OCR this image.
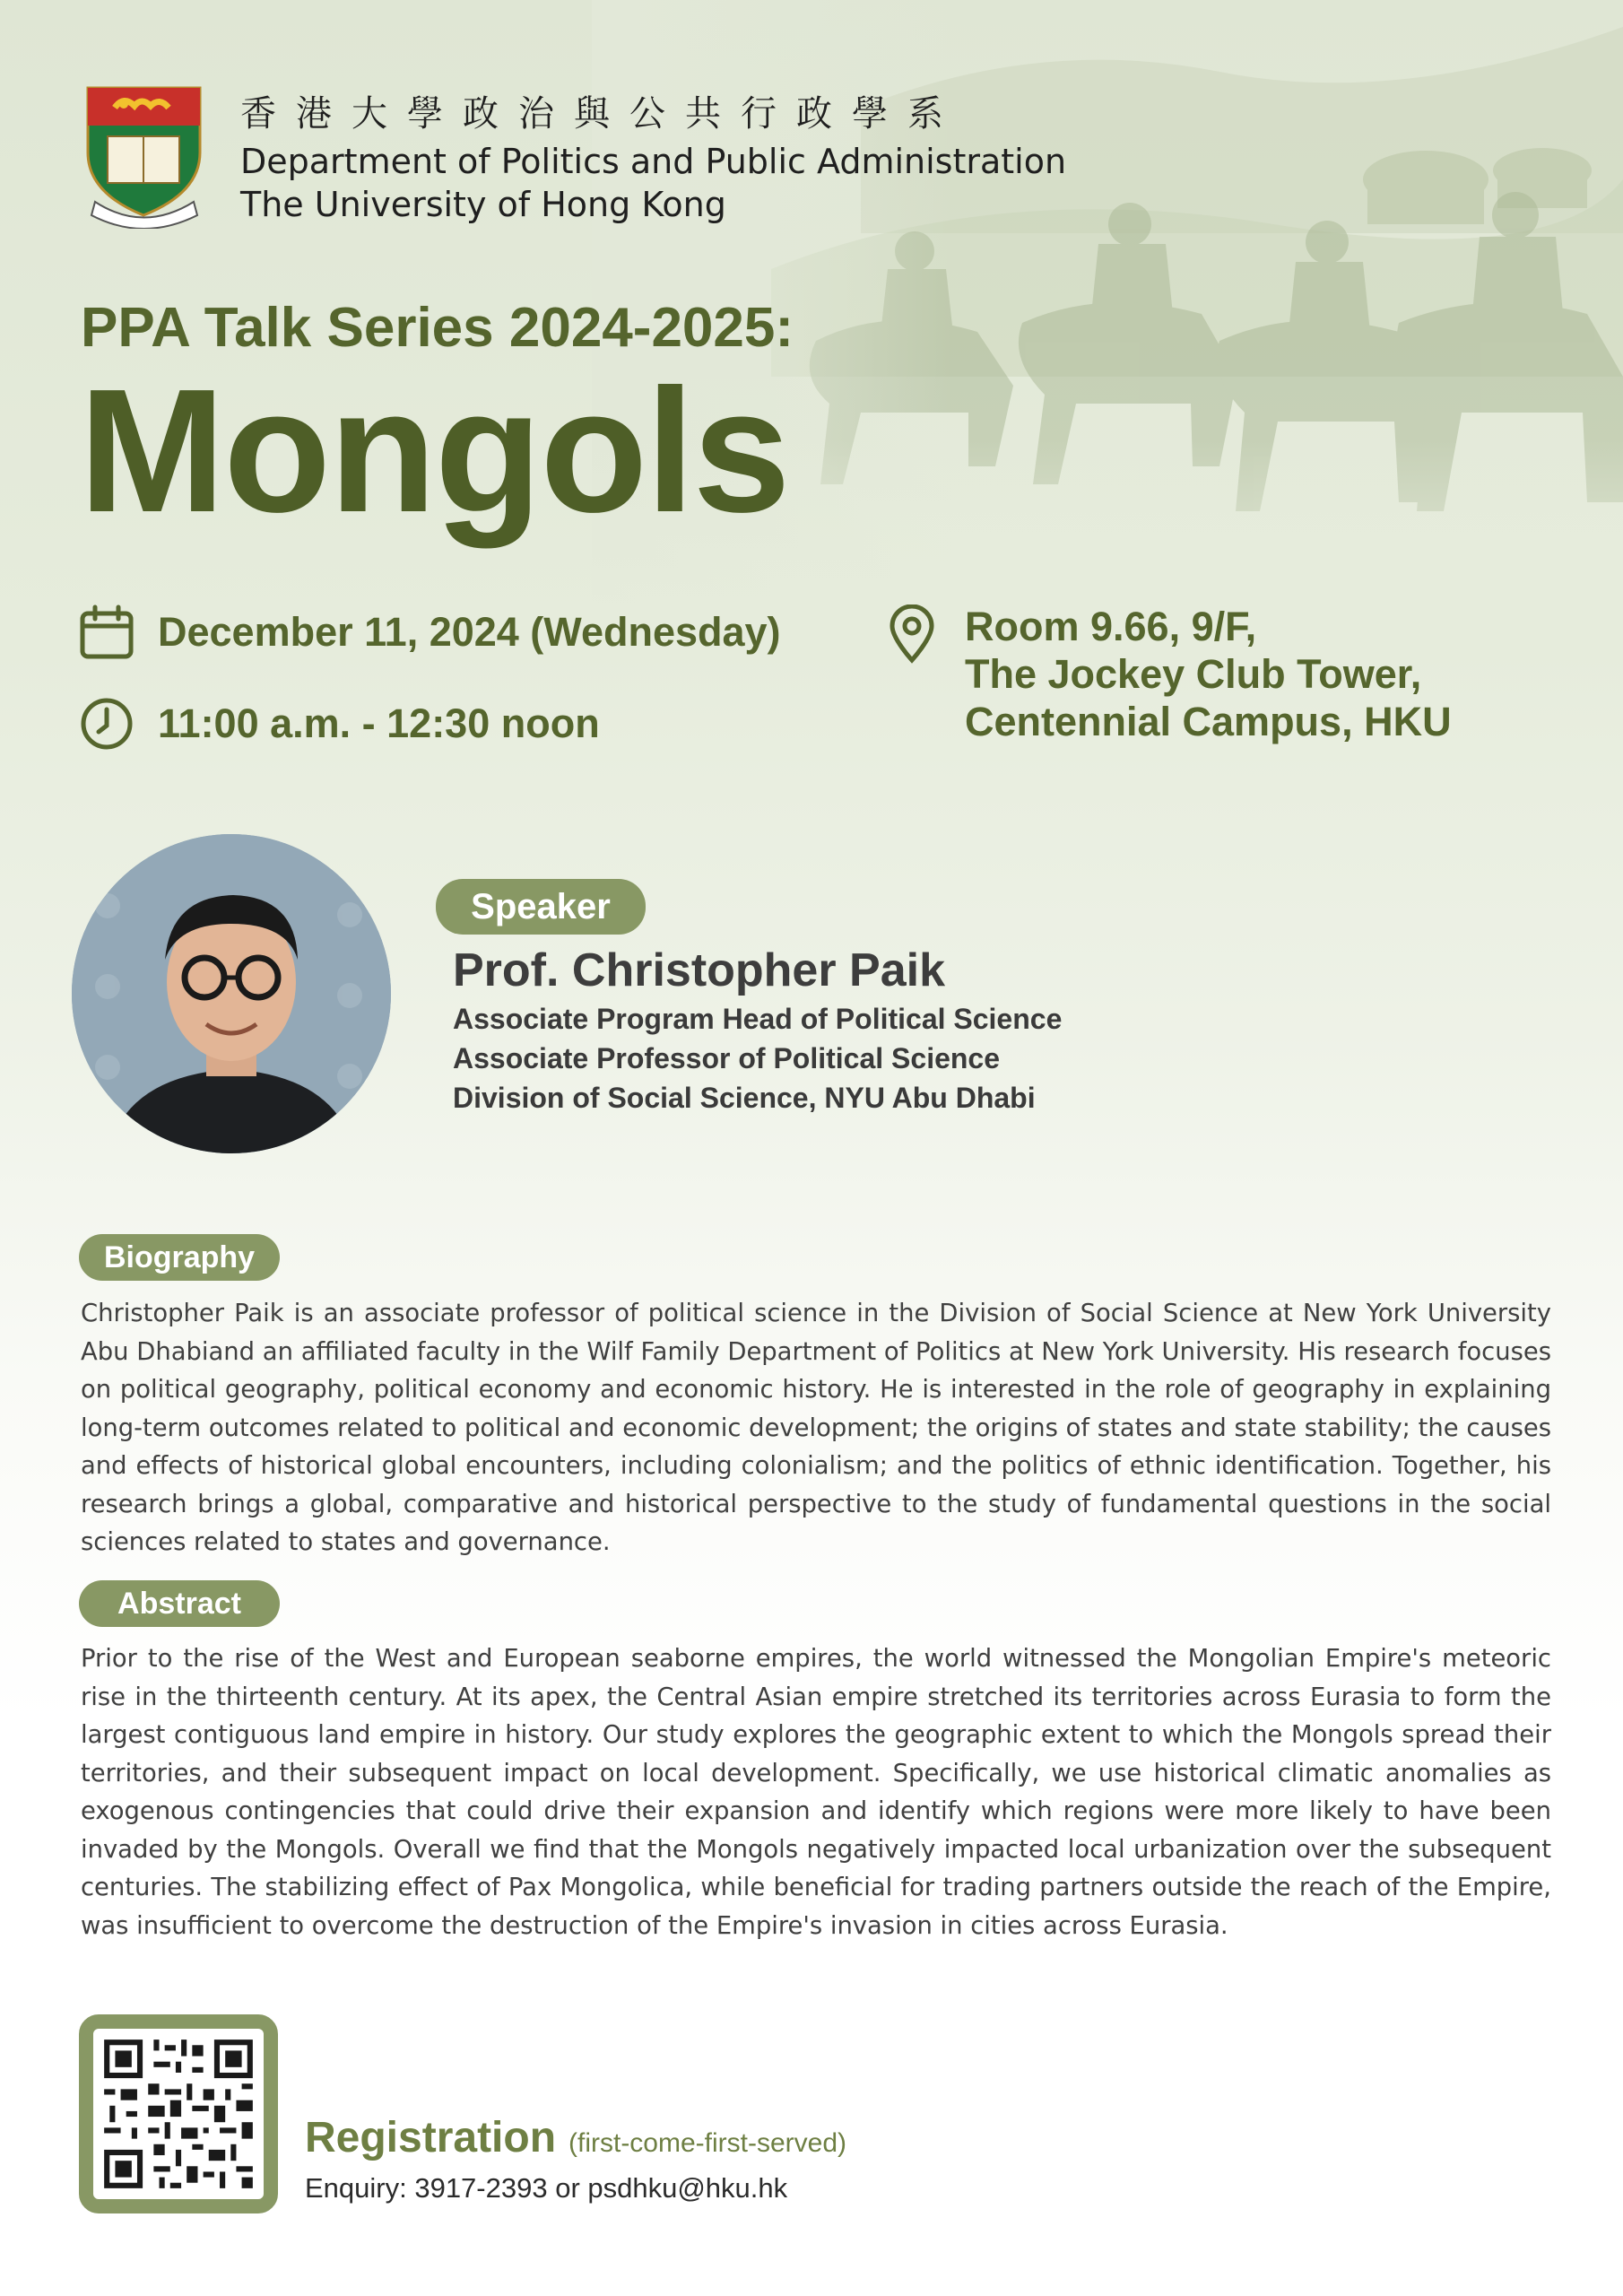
香港大學政治與公共行政學系
Department of Politics and Public Administration
The University of Hong Kong
PPA Talk Series 2024-2025:
Mongols
December 11, 2024 (Wednesday)
11:00 a.m. - 12:30 noon
Room 9.66, 9/F,
The Jockey Club Tower,
Centennial Campus, HKU
Speaker
Prof. Christopher Paik
Associate Program Head of Political Science
Associate Professor of Political Science
Division of Social Science, NYU Abu Dhabi
Biography
Christopher Paik is an associate professor of political science in the Division of Social Science at New York University Abu Dhabiand an affiliated faculty in the Wilf Family Department of Politics at New York University. His research focuses on political geography, political economy and economic history. He is interested in the role of geography in explaining long-term outcomes related to political and economic development; the origins of states and state stability; the causes and effects of historical global encounters, including colonialism; and the politics of ethnic identification. Together, his research brings a global, comparative and historical perspective to the study of fundamental questions in the social sciences related to states and governance.
Abstract
Prior to the rise of the West and European seaborne empires, the world witnessed the Mongolian Empire's meteoric rise in the thirteenth century. At its apex, the Central Asian empire stretched its territories across Eurasia to form the largest contiguous land empire in history. Our study explores the geographic extent to which the Mongols spread their territories, and their subsequent impact on local development. Specifically, we use historical climatic anomalies as exogenous contingencies that could drive their expansion and identify which regions were more likely to have been invaded by the Mongols. Overall we find that the Mongols negatively impacted local urbanization over the subsequent centuries. The stabilizing effect of Pax Mongolica, while beneficial for trading partners outside the reach of the Empire, was insufficient to overcome the destruction of the Empire's invasion in cities across Eurasia.
Registration (first-come-first-served)
Enquiry: 3917-2393 or psdhku@hku.hk
